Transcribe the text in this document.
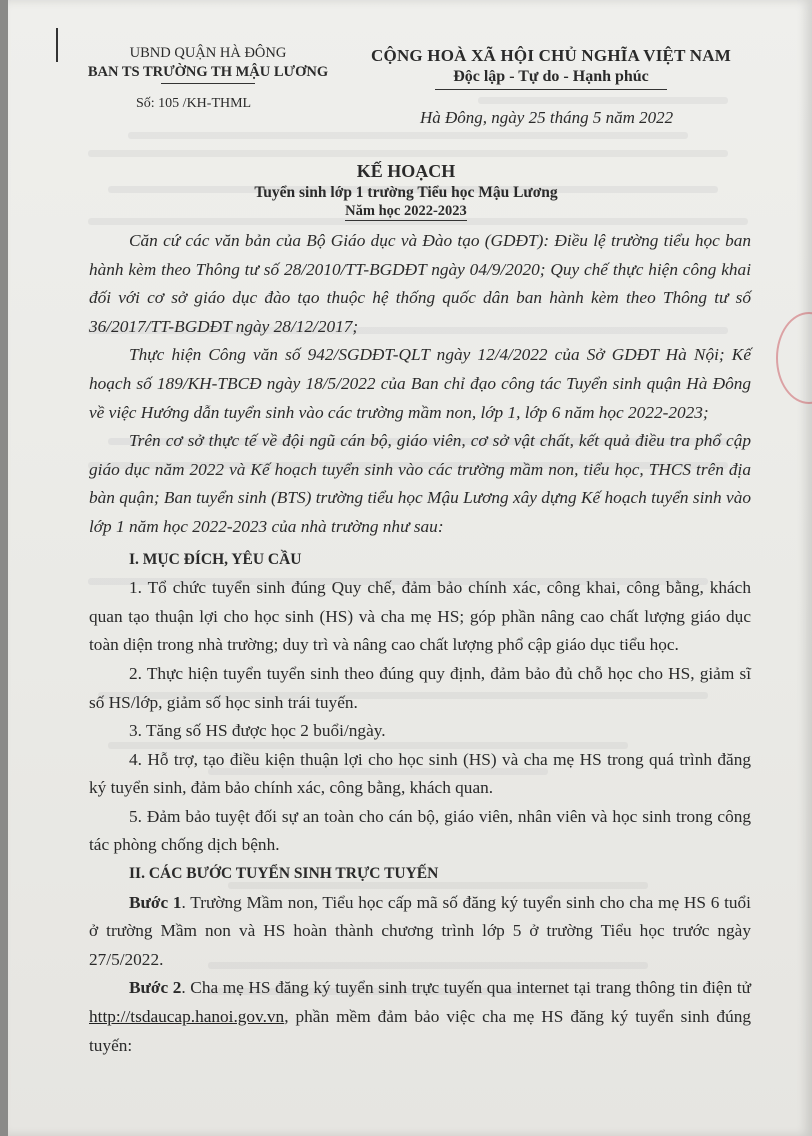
UBND QUẬN HÀ ĐÔNG
BAN TS TRƯỜNG TH MẬU LƯƠNG
Số: 105 /KH-THML
CỘNG HOÀ XÃ HỘI CHỦ NGHĨA VIỆT NAM
Độc lập - Tự do - Hạnh phúc
Hà Đông, ngày 25 tháng 5 năm 2022
KẾ HOẠCH
Tuyển sinh lớp 1 trường Tiểu học Mậu Lương
Năm học 2022-2023

Căn cứ các văn bản của Bộ Giáo dục và Đào tạo (GDĐT): Điều lệ trường tiểu học ban hành kèm theo Thông tư số 28/2010/TT-BGDĐT ngày 04/9/2020; Quy chế thực hiện công khai đối với cơ sở giáo dục đào tạo thuộc hệ thống quốc dân ban hành kèm theo Thông tư số 36/2017/TT-BGDĐT ngày 28/12/2017;

Thực hiện Công văn số 942/SGDĐT-QLT ngày 12/4/2022 của Sở GDĐT Hà Nội; Kế hoạch số 189/KH-TBCĐ ngày 18/5/2022 của Ban chỉ đạo công tác Tuyển sinh quận Hà Đông về việc Hướng dẫn tuyển sinh vào các trường mầm non, lớp 1, lớp 6 năm học 2022-2023;

Trên cơ sở thực tế về đội ngũ cán bộ, giáo viên, cơ sở vật chất, kết quả điều tra phổ cập giáo dục năm 2022 và Kế hoạch tuyển sinh vào các trường mầm non, tiểu học, THCS trên địa bàn quận; Ban tuyển sinh (BTS) trường tiểu học Mậu Lương xây dựng Kế hoạch tuyển sinh vào lớp 1 năm học 2022-2023 của nhà trường như sau:

I. MỤC ĐÍCH, YÊU CẦU

1. Tổ chức tuyển sinh đúng Quy chế, đảm bảo chính xác, công khai, công bằng, khách quan tạo thuận lợi cho học sinh (HS) và cha mẹ HS; góp phần nâng cao chất lượng giáo dục toàn diện trong nhà trường; duy trì và nâng cao chất lượng phổ cập giáo dục tiểu học.

2. Thực hiện tuyển tuyển sinh theo đúng quy định, đảm bảo đủ chỗ học cho HS, giảm sĩ số HS/lớp, giảm số học sinh trái tuyến.

3. Tăng số HS được học 2 buổi/ngày.

4. Hỗ trợ, tạo điều kiện thuận lợi cho học sinh (HS) và cha mẹ HS trong quá trình đăng ký tuyển sinh, đảm bảo chính xác, công bằng, khách quan.

5. Đảm bảo tuyệt đối sự an toàn cho cán bộ, giáo viên, nhân viên và học sinh trong công tác phòng chống dịch bệnh.

II. CÁC BƯỚC TUYỂN SINH TRỰC TUYẾN

Bước 1. Trường Mầm non, Tiểu học cấp mã số đăng ký tuyển sinh cho cha mẹ HS 6 tuổi ở trường Mầm non và HS hoàn thành chương trình lớp 5 ở trường Tiểu học trước ngày 27/5/2022.

Bước 2. Cha mẹ HS đăng ký tuyển sinh trực tuyến qua internet tại trang thông tin điện tử http://tsdaucap.hanoi.gov.vn, phần mềm đảm bảo việc cha mẹ HS đăng ký tuyển sinh đúng tuyến:
